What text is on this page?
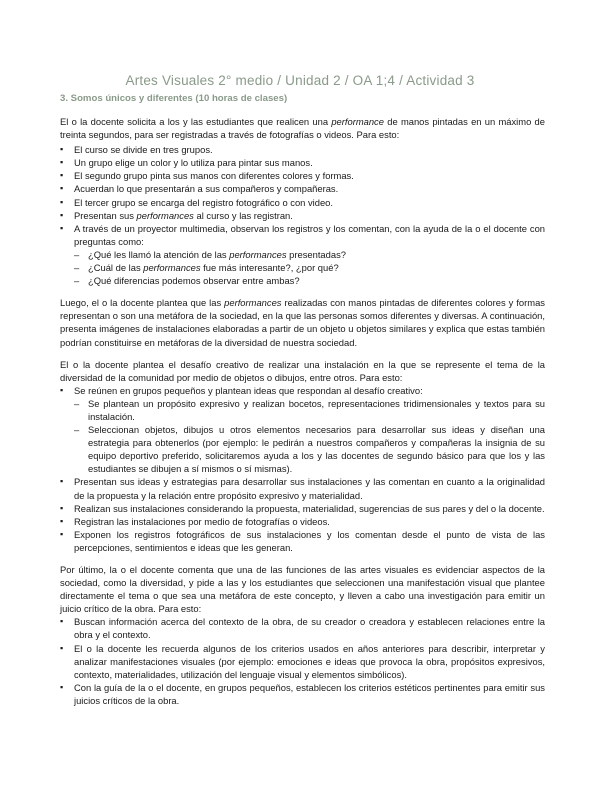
Artes Visuales 2° medio / Unidad 2 / OA 1;4 / Actividad 3
3. Somos únicos y diferentes (10 horas de clases)

El o la docente solicita a los y las estudiantes que realicen una performance de manos pintadas en un máximo de treinta segundos, para ser registradas a través de fotografías o videos. Para esto:

▪ El curso se divide en tres grupos.
▪ Un grupo elige un color y lo utiliza para pintar sus manos.
▪ El segundo grupo pinta sus manos con diferentes colores y formas.
▪ Acuerdan lo que presentarán a sus compañeros y compañeras.
▪ El tercer grupo se encarga del registro fotográfico o con video.
▪ Presentan sus performances al curso y las registran.
▪ A través de un proyector multimedia, observan los registros y los comentan, con la ayuda de la o el docente con preguntas como:
– ¿Qué les llamó la atención de las performances presentadas?
– ¿Cuál de las performances fue más interesante?, ¿por qué?
– ¿Qué diferencias podemos observar entre ambas?

Luego, el o la docente plantea que las performances realizadas con manos pintadas de diferentes colores y formas representan o son una metáfora de la sociedad, en la que las personas somos diferentes y diversas. A continuación, presenta imágenes de instalaciones elaboradas a partir de un objeto u objetos similares y explica que estas también podrían constituirse en metáforas de la diversidad de nuestra sociedad.

El o la docente plantea el desafío creativo de realizar una instalación en la que se represente el tema de la diversidad de la comunidad por medio de objetos o dibujos, entre otros. Para esto:

▪ Se reúnen en grupos pequeños y plantean ideas que respondan al desafío creativo:
– Se plantean un propósito expresivo y realizan bocetos, representaciones tridimensionales y textos para su instalación.
– Seleccionan objetos, dibujos u otros elementos necesarios para desarrollar sus ideas y diseñan una estrategia para obtenerlos (por ejemplo: le pedirán a nuestros compañeros y compañeras la insignia de su equipo deportivo preferido, solicitaremos ayuda a los y las docentes de segundo básico para que los y las estudiantes se dibujen a sí mismos o sí mismas).
▪ Presentan sus ideas y estrategias para desarrollar sus instalaciones y las comentan en cuanto a la originalidad de la propuesta y la relación entre propósito expresivo y materialidad.
▪ Realizan sus instalaciones considerando la propuesta, materialidad, sugerencias de sus pares y del o la docente.
▪ Registran las instalaciones por medio de fotografías o videos.
▪ Exponen los registros fotográficos de sus instalaciones y los comentan desde el punto de vista de las percepciones, sentimientos e ideas que les generan.

Por último, la o el docente comenta que una de las funciones de las artes visuales es evidenciar aspectos de la sociedad, como la diversidad, y pide a las y los estudiantes que seleccionen una manifestación visual que plantee directamente el tema o que sea una metáfora de este concepto, y lleven a cabo una investigación para emitir un juicio crítico de la obra. Para esto:

▪ Buscan información acerca del contexto de la obra, de su creador o creadora y establecen relaciones entre la obra y el contexto.
▪ El o la docente les recuerda algunos de los criterios usados en años anteriores para describir, interpretar y analizar manifestaciones visuales (por ejemplo: emociones e ideas que provoca la obra, propósitos expresivos, contexto, materialidades, utilización del lenguaje visual y elementos simbólicos).
▪ Con la guía de la o el docente, en grupos pequeños, establecen los criterios estéticos pertinentes para emitir sus juicios críticos de la obra.
